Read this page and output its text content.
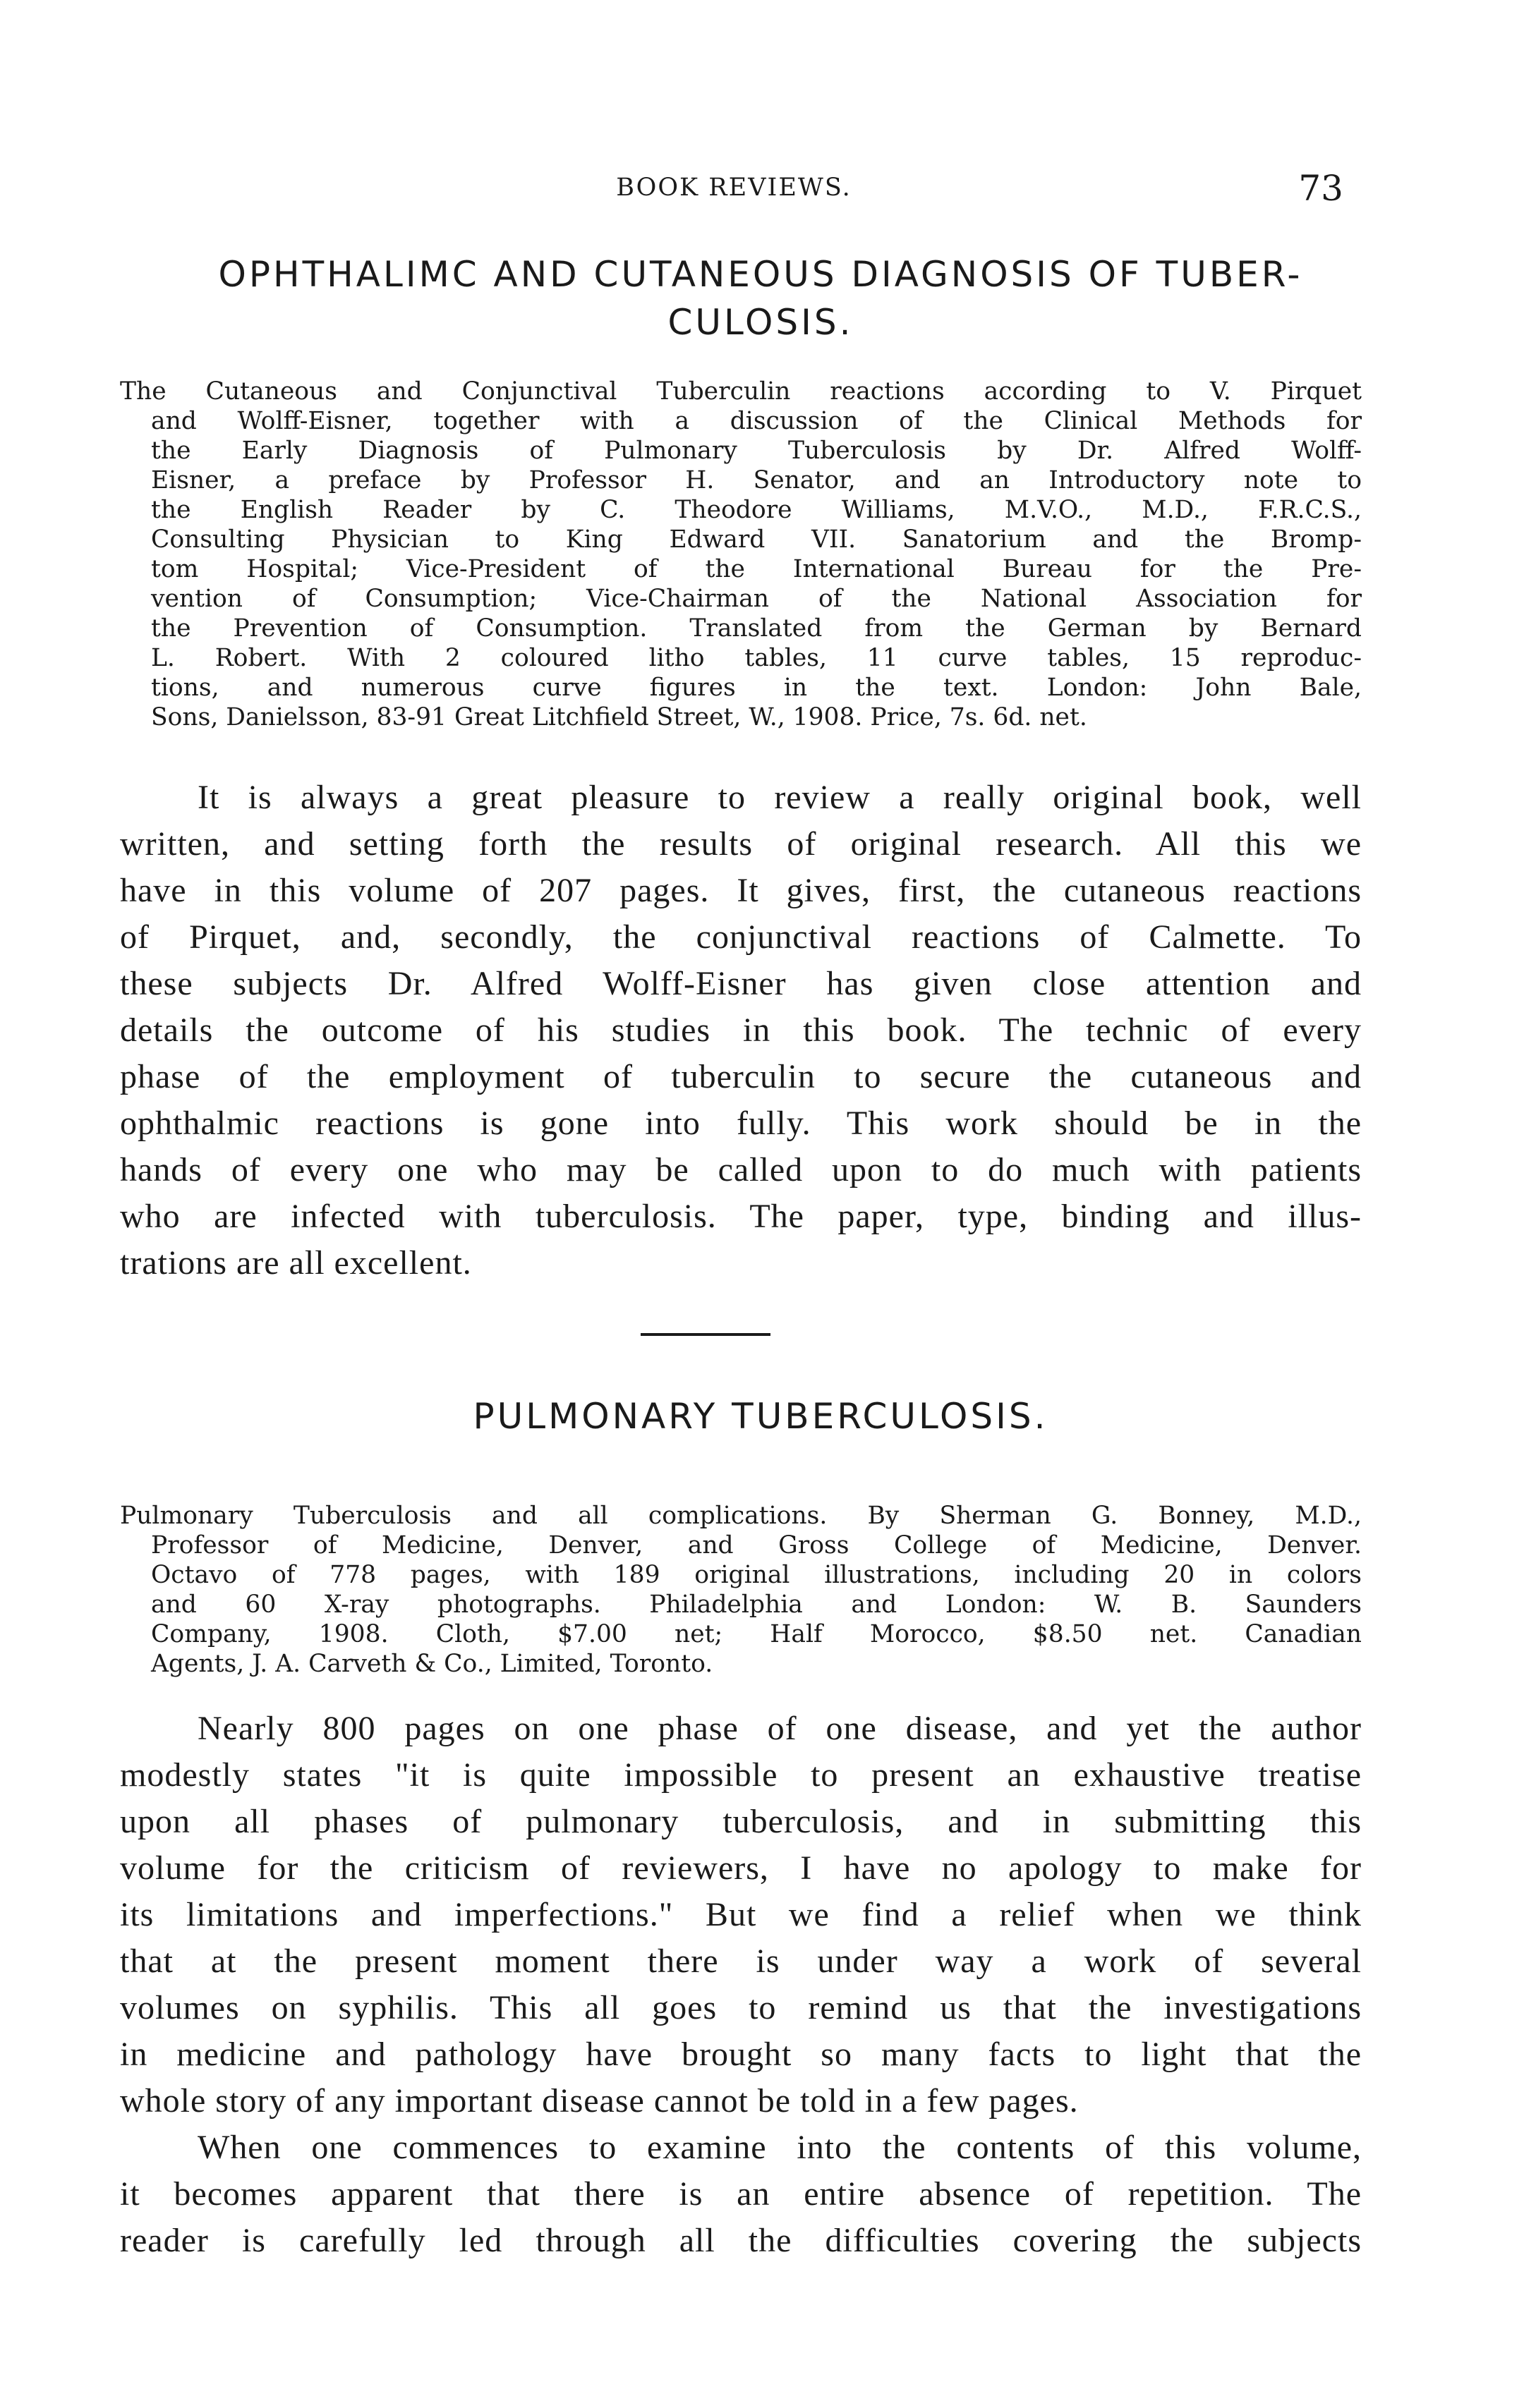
BOOK REVIEWS.	73
OPHTHALIMC AND CUTANEOUS DIAGNOSIS OF TUBER-
CULOSIS.
The Cutaneous and Conjunctival Tuberculin reactions according to V. Pirquet
and Wolff-Eisner, together with a discussion of the Clinical Methods for
the Early Diagnosis of Pulmonary Tuberculosis by Dr. Alfred Wolff-
Eisner, a preface by Professor H. Senator, and an Introductory note to
the English Reader by C. Theodore Williams, M.V.O., M.D., F.R.C.S.,
Consulting Physician to King Edward VII. Sanatorium and the Bromp-
tom Hospital; Vice-President of the International Bureau for the Pre-
vention of Consumption; Vice-Chairman of the National Association for
the Prevention of Consumption. Translated from the German by Bernard
L. Robert. With 2 coloured litho tables, 11 curve tables, 15 reproduc-
tions, and numerous curve figures in the text. London: John Bale,
Sons, Danielsson, 83-91 Great Litchfield Street, W., 1908. Price, 7s. 6d. net.
It is always a great pleasure to review a really original book, well
written, and setting forth the results of original research. All this we
have in this volume of 207 pages. It gives, first, the cutaneous reactions
of Pirquet, and, secondly, the conjunctival reactions of Calmette. To
these subjects Dr. Alfred Wolff-Eisner has given close attention and
details the outcome of his studies in this book. The technic of every
phase of the employment of tuberculin to secure the cutaneous and
ophthalmic reactions is gone into fully. This work should be in the
hands of every one who may be called upon to do much with patients
who are infected with tuberculosis. The paper, type, binding and illus-
trations are all excellent.
PULMONARY TUBERCULOSIS.
Pulmonary Tuberculosis and all complications. By Sherman G. Bonney, M.D.,
Professor of Medicine, Denver, and Gross College of Medicine, Denver.
Octavo of 778 pages, with 189 original illustrations, including 20 in colors
and 60 X-ray photographs. Philadelphia and London: W. B. Saunders
Company, 1908. Cloth, $7.00 net; Half Morocco, $8.50 net. Canadian
Agents, J. A. Carveth & Co., Limited, Toronto.
Nearly 800 pages on one phase of one disease, and yet the author
modestly states "it is quite impossible to present an exhaustive treatise
upon all phases of pulmonary tuberculosis, and in submitting this
volume for the criticism of reviewers, I have no apology to make for
its limitations and imperfections." But we find a relief when we think
that at the present moment there is under way a work of several
volumes on syphilis. This all goes to remind us that the investigations
in medicine and pathology have brought so many facts to light that the
whole story of any important disease cannot be told in a few pages.
When one commences to examine into the contents of this volume,
it becomes apparent that there is an entire absence of repetition. The
reader is carefully led through all the difficulties covering the subjects
